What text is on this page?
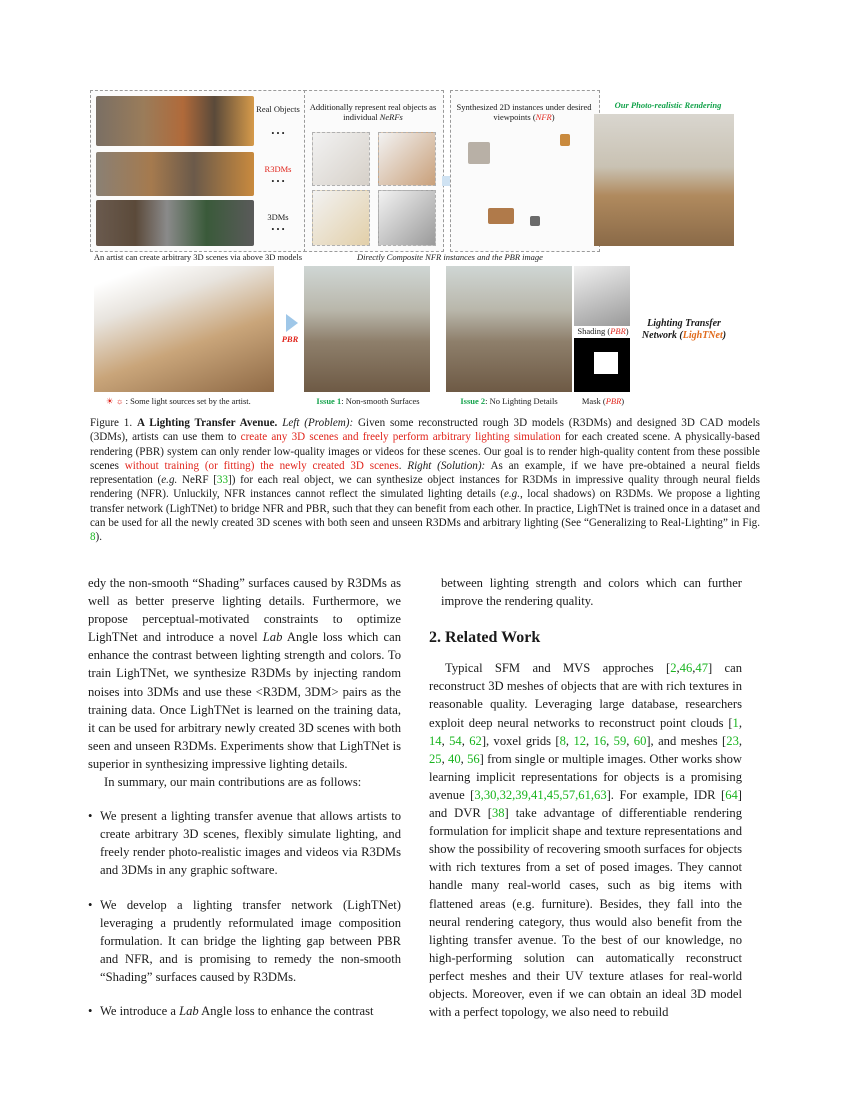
Real Objects
• • •
R3DMs
• • •
3DMs
• • •
An artist can create arbitrary 3D scenes via above 3D models
Additionally represent real objects as individual NeRFs
Synthesized 2D instances under desired viewpoints (NFR)
Our Photo-realistic Rendering
Directly Composite NFR instances and the PBR image
PBR
Issue 1: Non-smooth Surfaces	Issue 2: No Lighting Details
Shading (PBR)
Mask (PBR)
Lighting Transfer Network (LighTNet)
☀ ☼ : Some light sources set by the artist.
Figure 1. A Lighting Transfer Avenue. Left (Problem): Given some reconstructed rough 3D models (R3DMs) and designed 3D CAD models (3DMs), artists can use them to create any 3D scenes and freely perform arbitrary lighting simulation for each created scene. A physically-based rendering (PBR) system can only render low-quality images or videos for these scenes. Our goal is to render high-quality content from these possible scenes without training (or fitting) the newly created 3D scenes. Right (Solution): As an example, if we have pre-obtained a neural fields representation (e.g. NeRF [33]) for each real object, we can synthesize object instances for R3DMs in impressive quality through neural fields rendering (NFR). Unluckily, NFR instances cannot reflect the simulated lighting details (e.g., local shadows) on R3DMs. We propose a lighting transfer network (LighTNet) to bridge NFR and PBR, such that they can benefit from each other. In practice, LighTNet is trained once in a dataset and can be used for all the newly created 3D scenes with both seen and unseen R3DMs and arbitrary lighting (See “Generalizing to Real-Lighting” in Fig. 8).

edy the non-smooth “Shading” surfaces caused by R3DMs as well as better preserve lighting details. Furthermore, we propose perceptual-motivated constraints to optimize LighTNet and introduce a novel Lab Angle loss which can enhance the contrast between lighting strength and colors. To train LighTNet, we synthesize R3DMs by injecting random noises into 3DMs and use these <R3DM, 3DM> pairs as the training data. Once LighTNet is learned on the training data, it can be used for arbitrary newly created 3D scenes with both seen and unseen R3DMs. Experiments show that LighTNet is superior in synthesizing impressive lighting details.

In summary, our main contributions are as follows:

• We present a lighting transfer avenue that allows artists to create arbitrary 3D scenes, flexibly simulate lighting, and freely render photo-realistic images and videos via R3DMs and 3DMs in any graphic software.
• We develop a lighting transfer network (LighTNet) leveraging a prudently reformulated image composition formulation. It can bridge the lighting gap between PBR and NFR, and is promising to remedy the non-smooth “Shading” surfaces caused by R3DMs.
• We introduce a Lab Angle loss to enhance the contrast

between lighting strength and colors which can further improve the rendering quality.

2. Related Work

Typical SFM and MVS approches [2,46,47] can reconstruct 3D meshes of objects that are with rich textures in reasonable quality. Leveraging large database, researchers exploit deep neural networks to reconstruct point clouds [1, 14, 54, 62], voxel grids [8, 12, 16, 59, 60], and meshes [23, 25, 40, 56] from single or multiple images. Other works show learning implicit representations for objects is a promising avenue [3,30,32,39,41,45,57,61,63]. For example, IDR [64] and DVR [38] take advantage of differentiable rendering formulation for implicit shape and texture representations and show the possibility of recovering smooth surfaces for objects with rich textures from a set of posed images. They cannot handle many real-world cases, such as big items with flattened areas (e.g. furniture). Besides, they fall into the neural rendering category, thus would also benefit from the lighting transfer avenue. To the best of our knowledge, no high-performing solution can automatically reconstruct perfect meshes and their UV texture atlases for real-world objects. Moreover, even if we can obtain an ideal 3D model with a perfect topology, we also need to rebuild
